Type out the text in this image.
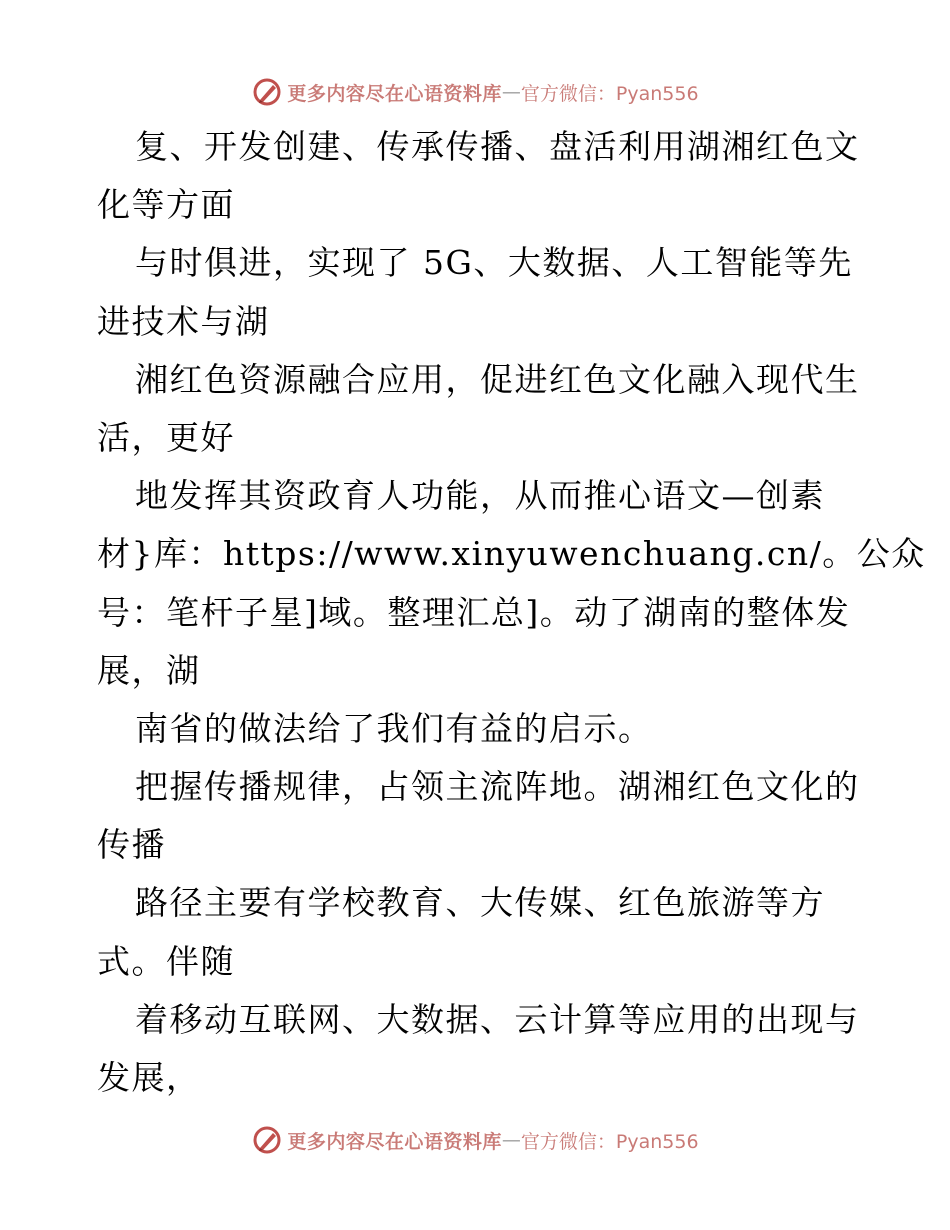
更多内容尽在心语资料库 — 官方微信：Pyan556
复、开发创建、传承传播、盘活利用湖湘红色文
化等方面
与时俱进，实现了 5G、大数据、人工智能等先
进技术与湖
湘红色资源融合应用，促进红色文化融入现代生
活，更好
地发挥其资政育人功能，从而推心语文—创素
材}库：https://www.xinyuwenchuang.cn/。公众
号：笔杆子星]域。整理汇总]。动了湖南的整体发
展，湖
南省的做法给了我们有益的启示。
把握传播规律，占领主流阵地。湖湘红色文化的
传播
路径主要有学校教育、大传媒、红色旅游等方
式。伴随
着移动互联网、大数据、云计算等应用的出现与
发展，
更多内容尽在心语资料库 — 官方微信：Pyan556
